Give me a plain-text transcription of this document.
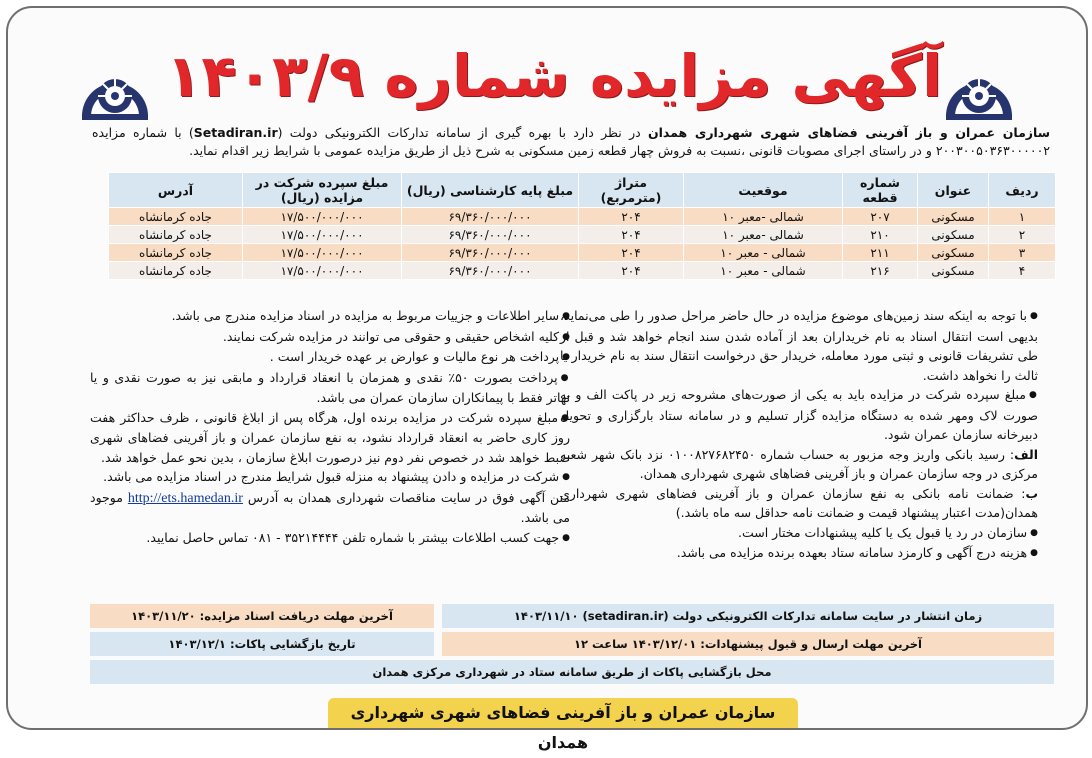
آگهی مزایده شماره ۱۴۰۳/۹
سازمان عمران و باز آفرینی فضاهای شهری شهرداری همدان در نظر دارد با بهره گیری از سامانه تدارکات الکترونیکی دولت (Setadiran.ir) با شماره مزایده ۲۰۰۳۰۰۵۰۳۶۳۰۰۰۰۰۲ و در راستای اجرای مصوبات قانونی ،نسبت به فروش چهار قطعه زمین مسکونی به شرح ذیل از طریق مزایده عمومی با شرایط زیر اقدام نماید.
ردیف	عنوان	شماره قطعه	موقعیت	متراژ (مترمربع)	مبلغ پایه کارشناسی (ریال)	مبلغ سپرده شرکت در مزایده (ریال)	آدرس
۱	مسکونی	۲۰۷	شمالی -معبر ۱۰	۲۰۴	۶۹/۳۶۰/۰۰۰/۰۰۰	۱۷/۵۰۰/۰۰۰/۰۰۰	جاده کرمانشاه
۲	مسکونی	۲۱۰	شمالی -معبر ۱۰	۲۰۴	۶۹/۳۶۰/۰۰۰/۰۰۰	۱۷/۵۰۰/۰۰۰/۰۰۰	جاده کرمانشاه
۳	مسکونی	۲۱۱	شمالی - معبر ۱۰	۲۰۴	۶۹/۳۶۰/۰۰۰/۰۰۰	۱۷/۵۰۰/۰۰۰/۰۰۰	جاده کرمانشاه
۴	مسکونی	۲۱۶	شمالی - معبر ۱۰	۲۰۴	۶۹/۳۶۰/۰۰۰/۰۰۰	۱۷/۵۰۰/۰۰۰/۰۰۰	جاده کرمانشاه

● با توجه به اینکه سند زمین‌های موضوع مزایده در حال حاضر مراحل صدور را طی می‌نماید، بدیهی است انتقال اسناد به نام خریداران بعد از آماده شدن سند انجام خواهد شد و قبل از طی تشریفات قانونی و ثبتی مورد معامله، خریدار حق درخواست انتقال سند به نام خریدار یا ثالث را نخواهد داشت.

● مبلغ سپرده شرکت در مزایده باید به یکی از صورت‌های مشروحه زیر در پاکت الف و به صورت لاک ومهر شده به دستگاه مزایده گزار تسلیم و در سامانه ستاد بارگزاری و تحویل دبیرخانه سازمان عمران شود.

الف: رسید بانکی واریز وجه مزبور به حساب شماره ۰۱۰۰۸۲۷۶۸۲۴۵۰ نزد بانک شهر شعبه مرکزی در وجه سازمان عمران و باز آفرینی فضاهای شهری شهرداری همدان.

ب: ضمانت نامه بانکی به نفع سازمان عمران و باز آفرینی فضاهای شهری شهرداری همدان(مدت اعتبار پیشنهاد قیمت و ضمانت نامه حداقل سه ماه باشد.)

● سازمان در رد یا قبول یک یا کلیه پیشنهادات مختار است.

● هزینه درج آگهی و کارمزد سامانه ستاد بعهده برنده مزایده می باشد.

● سایر اطلاعات و جزییات مربوط به مزایده در اسناد مزایده مندرج می باشد.

● کلیه اشخاص حقیقی و حقوقی می توانند در مزایده شرکت نمایند.

● پرداخت هر نوع مالیات و عوارض بر عهده خریدار است .

● پرداخت بصورت ۵۰٪ نقدی و همزمان با انعقاد قرارداد و مابقی نیز به صورت نقدی و یا تهاتر فقط با پیمانکاران سازمان عمران می باشد.

● مبلغ سپرده شرکت در مزایده برنده اول، هرگاه پس از ابلاغ قانونی ، ظرف حداکثر هفت روز کاری حاضر به انعقاد قرارداد نشود، به نفع سازمان عمران و باز آفرینی فضاهای شهری ضبط خواهد شد در خصوص نفر دوم نیز درصورت ابلاغ سازمان ، بدین نحو عمل خواهد شد.

● شرکت در مزایده و دادن پیشنهاد به منزله قبول شرایط مندرج در اسناد مزایده می باشد.

متن آگهی فوق در سایت مناقصات شهرداری همدان به آدرس http://ets.hamedan.ir موجود می باشد.

● جهت کسب اطلاعات بیشتر با شماره تلفن ۳۵۲۱۴۴۴۴ - ۰۸۱ تماس حاصل نمایید.

زمان انتشار در سایت سامانه تدارکات الکترونیکی دولت (setadiran.ir) ۱۴۰۳/۱۱/۱۰
آخرین مهلت دریافت اسناد مزایده: ۱۴۰۳/۱۱/۲۰
آخرین مهلت ارسال و قبول پیشنهادات: ۱۴۰۳/۱۲/۰۱ ساعت ۱۲
تاریخ بازگشایی پاکات: ۱۴۰۳/۱۲/۱
محل بازگشایی پاکات از طریق سامانه ستاد در شهرداری مرکزی همدان
سازمان عمران و باز آفرینی فضاهای شهری شهرداری همدان
